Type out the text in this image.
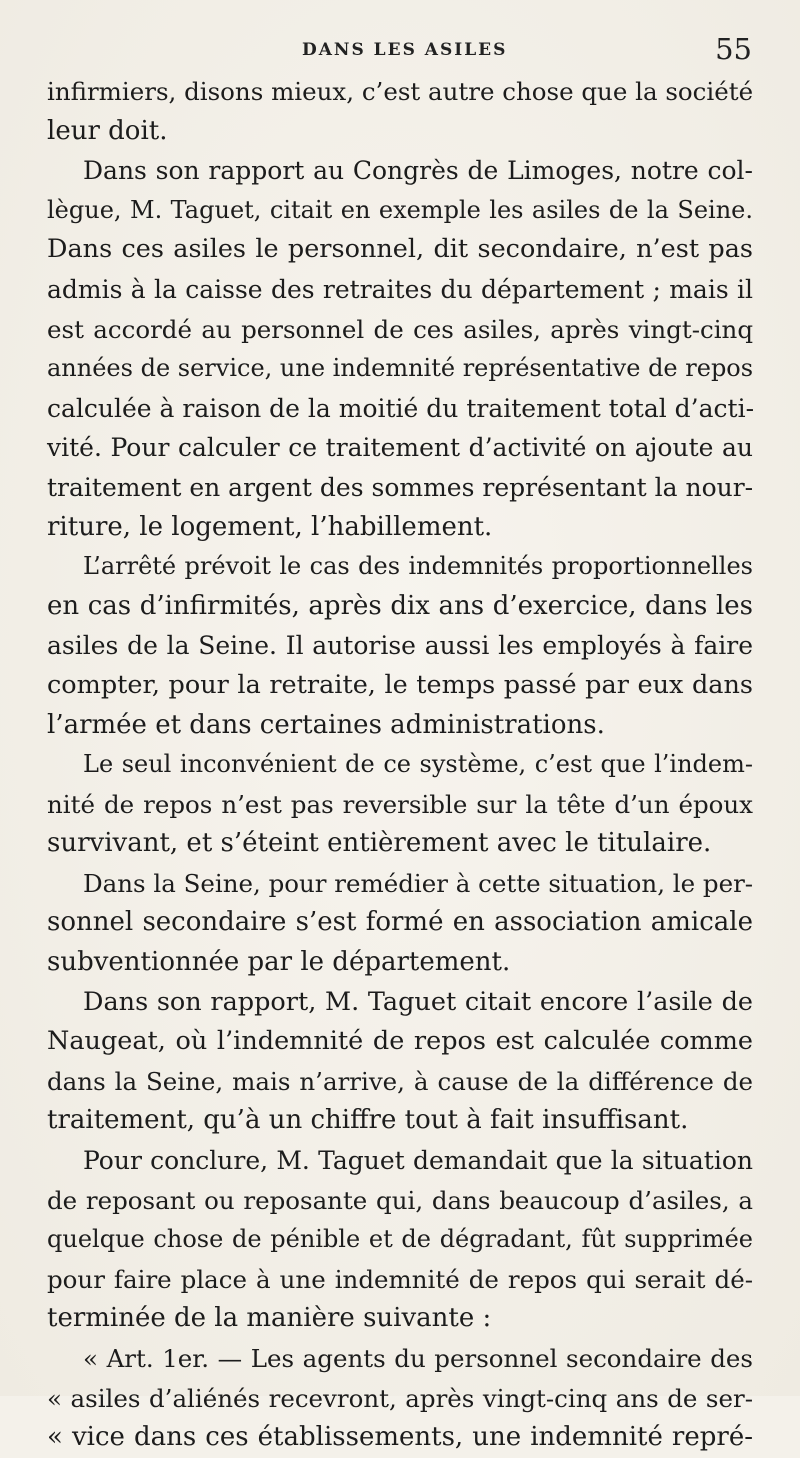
DANS LES ASILES	55
infirmiers, disons mieux, c’est autre chose que la société
leur doit.
Dans son rapport au Congrès de Limoges, notre col-
lègue, M. Taguet, citait en exemple les asiles de la Seine.
Dans ces asiles le personnel, dit secondaire, n’est pas
admis à la caisse des retraites du département ; mais il
est accordé au personnel de ces asiles, après vingt-cinq
années de service, une indemnité représentative de repos
calculée à raison de la moitié du traitement total d’acti-
vité. Pour calculer ce traitement d’activité on ajoute au
traitement en argent des sommes représentant la nour-
riture, le logement, l’habillement.
L’arrêté prévoit le cas des indemnités proportionnelles
en cas d’infirmités, après dix ans d’exercice, dans les
asiles de la Seine. Il autorise aussi les employés à faire
compter, pour la retraite, le temps passé par eux dans
l’armée et dans certaines administrations.
Le seul inconvénient de ce système, c’est que l’indem-
nité de repos n’est pas reversible sur la tête d’un époux
survivant, et s’éteint entièrement avec le titulaire.
Dans la Seine, pour remédier à cette situation, le per-
sonnel secondaire s’est formé en association amicale
subventionnée par le département.
Dans son rapport, M. Taguet citait encore l’asile de
Naugeat, où l’indemnité de repos est calculée comme
dans la Seine, mais n’arrive, à cause de la différence de
traitement, qu’à un chiffre tout à fait insuffisant.
Pour conclure, M. Taguet demandait que la situation
de reposant ou reposante qui, dans beaucoup d’asiles, a
quelque chose de pénible et de dégradant, fût supprimée
pour faire place à une indemnité de repos qui serait dé-
terminée de la manière suivante :
« Art. 1er. — Les agents du personnel secondaire des
« asiles d’aliénés recevront, après vingt-cinq ans de ser-
« vice dans ces établissements, une indemnité repré-
